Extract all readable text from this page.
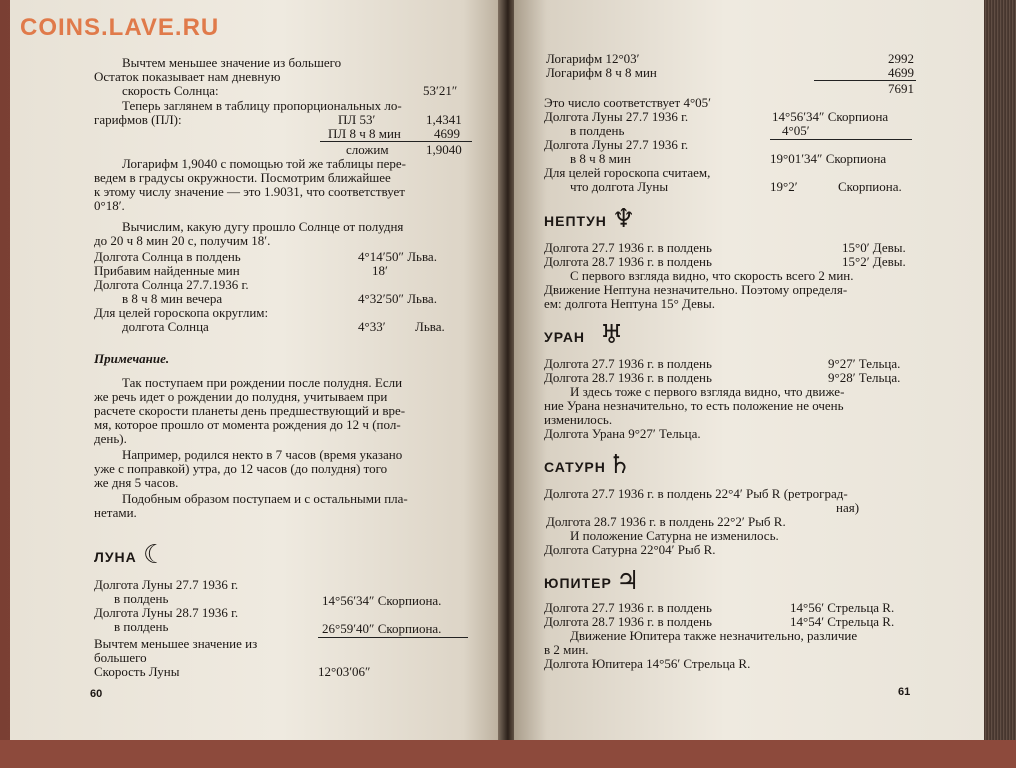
Вычтем меньшее значение из большего
Остаток показывает нам дневную
скорость Солнца:	53′21″
Теперь заглянем в таблицу пропорциональных ло-
гарифмов (ПЛ):	ПЛ 53′	1,4341
ПЛ 8 ч 8 мин	4699
сложим	1,9040
Логарифм 1,9040 с помощью той же таблицы пере-
ведем в градусы окружности. Посмотрим ближайшее
к этому числу значение — это 1.9031, что соответствует
0°18′.
Вычислим, какую дугу прошло Солнце от полудня
до 20 ч 8 мин 20 с, получим 18′.
Долгота Солнца в полдень	4°14′50″ Льва.
Прибавим найденные мин	18′
Долгота Солнца 27.7.1936 г.
в 8 ч 8 мин вечера	4°32′50″ Льва.
Для целей гороскопа округлим:
долгота Солнца	4°33′ Льва.
Примечание.
Так поступаем при рождении после полудня. Если
же речь идет о рождении до полудня, учитываем при
расчете скорости планеты день предшествующий и вре-
мя, которое прошло от момента рождения до 12 ч (пол-
день).
Например, родился некто в 7 часов (время указано
уже с поправкой) утра, до 12 часов (до полудня) того
же дня 5 часов.
Подобным образом поступаем и с остальными пла-
нетами.
ЛУНА ☾
Долгота Луны 27.7 1936 г.
в полдень	14°56′34″ Скорпиона.
Долгота Луны 28.7 1936 г.
в полдень	26°59′40″ Скорпиона.
Вычтем меньшее значение из
большего
Скорость Луны	12°03′06″
60
Логарифм 12°03′	2992
Логарифм 8 ч 8 мин	4699
7691
Это число соответствует 4°05′
Долгота Луны 27.7 1936 г.	14°56′34″ Скорпиона
в полдень	4°05′
Долгота Луны 27.7 1936 г.
в 8 ч 8 мин	19°01′34″ Скорпиона
Для целей гороскопа считаем,
что долгота Луны	19°2′	Скорпиона.
НЕПТУН ♆
Долгота 27.7 1936 г. в полдень	15°0′ Девы.
Долгота 28.7 1936 г. в полдень	15°2′ Девы.
С первого взгляда видно, что скорость всего 2 мин.
Движение Нептуна незначительно. Поэтому определя-
ем: долгота Нептуна 15° Девы.
УРАН ♅
Долгота 27.7 1936 г. в полдень	9°27′ Тельца.
Долгота 28.7 1936 г. в полдень	9°28′ Тельца.
И здесь тоже с первого взгляда видно, что движе-
ние Урана незначительно, то есть положение не очень
изменилось.
Долгота Урана 9°27′ Тельца.
САТУРН ♄
Долгота 27.7 1936 г. в полдень 22°4′ Рыб R (ретроград-
ная)
Долгота 28.7 1936 г. в полдень 22°2′ Рыб R.
И положение Сатурна не изменилось.
Долгота Сатурна 22°04′ Рыб R.
ЮПИТЕР ♃
Долгота 27.7 1936 г. в полдень	14°56′ Стрельца R.
Долгота 28.7 1936 г. в полдень	14°54′ Стрельца R.
Движение Юпитера также незначительно, различие
в 2 мин.
Долгота Юпитера 14°56′ Стрельца R.
61
COINS.LAVE.RU
